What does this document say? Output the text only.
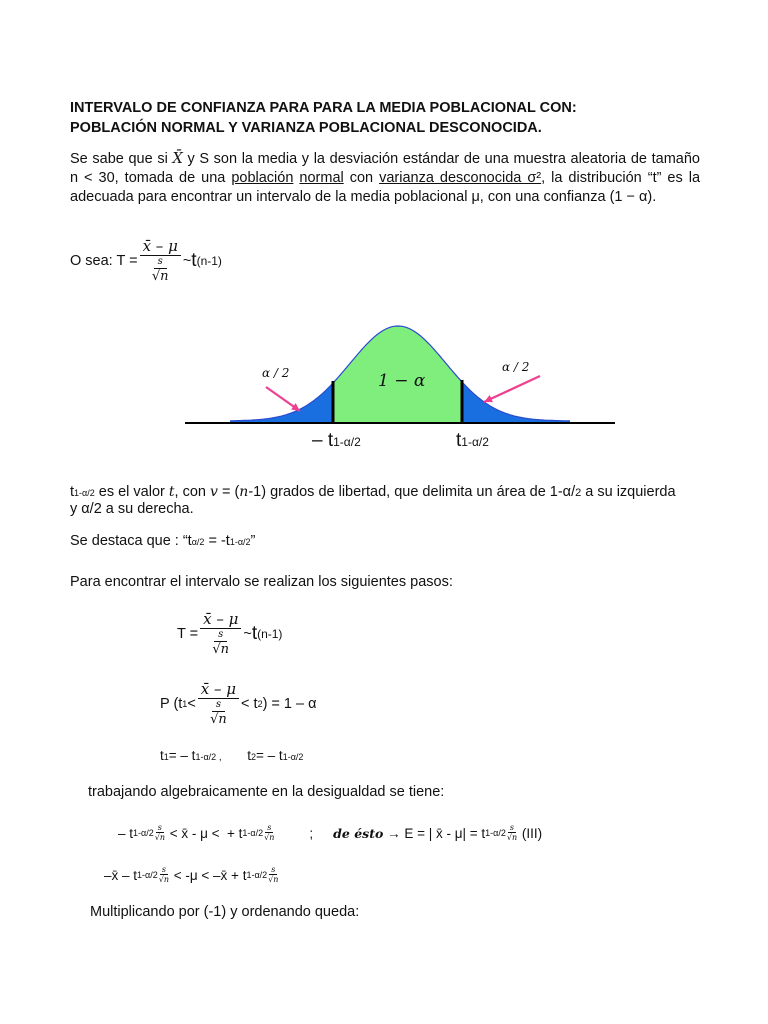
INTERVALO DE CONFIANZA PARA PARA LA MEDIA POBLACIONAL CON:
POBLACIÓN NORMAL Y VARIANZA POBLACIONAL DESCONOCIDA.
Se sabe que si X̄ y S son la media y la desviación estándar de una muestra aleatoria de tamaño n < 30, tomada de una población normal con varianza desconocida σ², la distribución “t” es la adecuada para encontrar un intervalo de la media poblacional μ, con una confianza (1 − α).
O sea: T = x̄ – μ
s
√n ~ t (n-1)
α / 2	α / 2
1 − α
– t1-α/2	t1-α/2
t1-α/2 es el valor t, con v = (n-1) grados de libertad, que delimita un área de 1-α/2 a su izquierda
y α/2 a su derecha.
Se destaca que : “tα/2 = -t1-α/2”
Para encontrar el intervalo se realizan los siguientes pasos:
T = x̄ – μ
s
√n ~ t (n-1)
P (t 1 < x̄ – μ
s
√n < t 2 ) = 1 – α
t1= – t1-α/2 , t2= – t1-α/2
trabajando algebraicamente en la desigualdad se tiene:
– t 1-α/2
s
√n < x̄ - μ < + t 1-α/2
s
√n	; de ésto → E = | x̄ - μ| = t 1-α/2
s
√n (III)
–x̄ – t 1-α/2
s
√n < -μ < –x̄ + t 1-α/2
s
√n
Multiplicando por (-1) y ordenando queda:
